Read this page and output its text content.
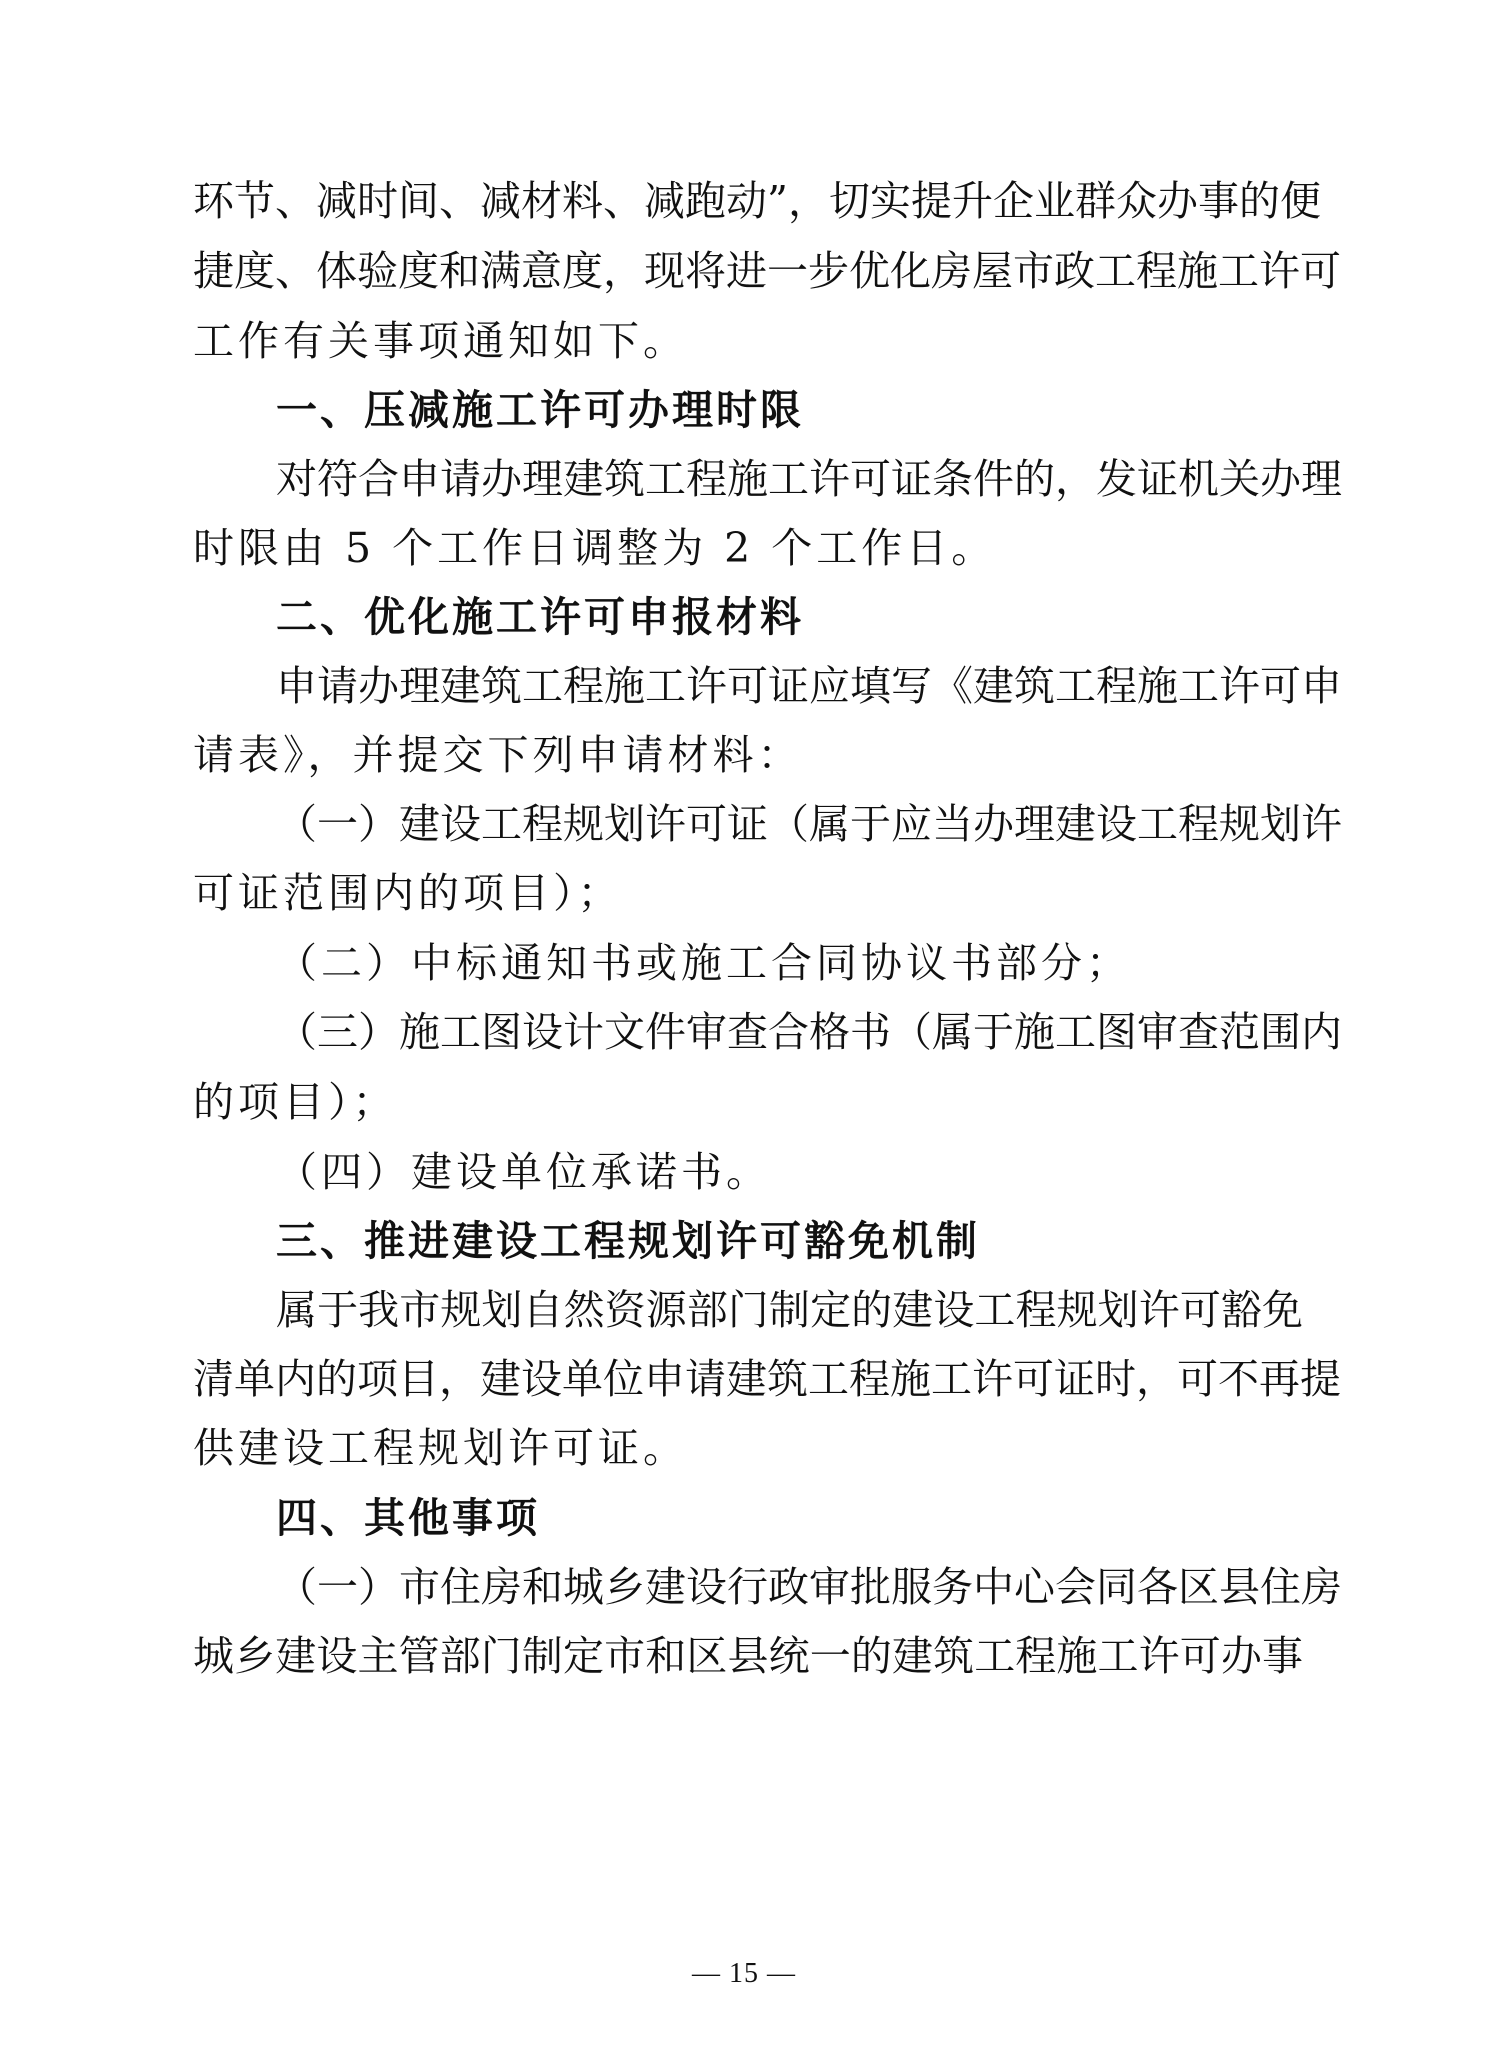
环节、减时间、减材料、减跑动”，切实提升企业群众办事的便
捷度、体验度和满意度，现将进一步优化房屋市政工程施工许可
工作有关事项通知如下。
一、压减施工许可办理时限
对符合申请办理建筑工程施工许可证条件的，发证机关办理
时限由 5 个工作日调整为 2 个工作日。
二、优化施工许可申报材料
申请办理建筑工程施工许可证应填写《建筑工程施工许可申
请表》，并提交下列申请材料：
（一）建设工程规划许可证（属于应当办理建设工程规划许
可证范围内的项目）；
（二）中标通知书或施工合同协议书部分；
（三）施工图设计文件审查合格书（属于施工图审查范围内
的项目）；
（四）建设单位承诺书。
三、推进建设工程规划许可豁免机制
属于我市规划自然资源部门制定的建设工程规划许可豁免
清单内的项目，建设单位申请建筑工程施工许可证时，可不再提
供建设工程规划许可证。
四、其他事项
（一）市住房和城乡建设行政审批服务中心会同各区县住房
城乡建设主管部门制定市和区县统一的建筑工程施工许可办事
— 15 —
